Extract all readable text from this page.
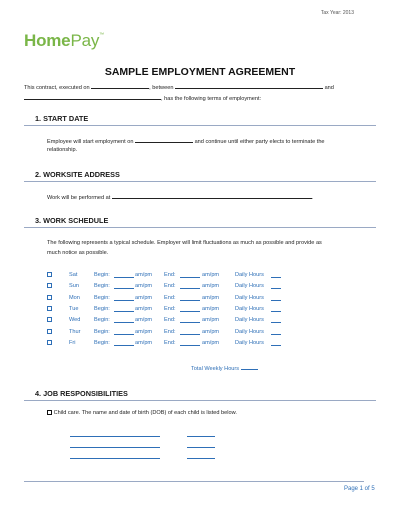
Tax Year: 2013
HomePay™
SAMPLE EMPLOYMENT AGREEMENT
This contract, executed on	, between	and
, has the following terms of employment:
1. START DATE
Employee will start employment on	and continue until either party elects to terminate the
relationship.
2. WORKSITE ADDRESS
Work will be performed at	.
3. WORK SCHEDULE
The following represents a typical schedule. Employer will limit fluctuations as much as possible and provide as
much notice as possible.
Sat	Begin:	am/pm End:	am/pm	Daily Hours
Sun	Begin:	am/pm End:	am/pm	Daily Hours
Mon	Begin:	am/pm End:	am/pm	Daily Hours
Tue	Begin:	am/pm End:	am/pm	Daily Hours
Wed Begin:	am/pm End:	am/pm	Daily Hours
Thur Begin:	am/pm End:	am/pm	Daily Hours
Fri	Begin:	am/pm End:	am/pm	Daily Hours
Total Weekly Hours
4. JOB RESPONSIBILITIES
Child care. The name and date of birth (DOB) of each child is listed below.
Page 1 of 5
